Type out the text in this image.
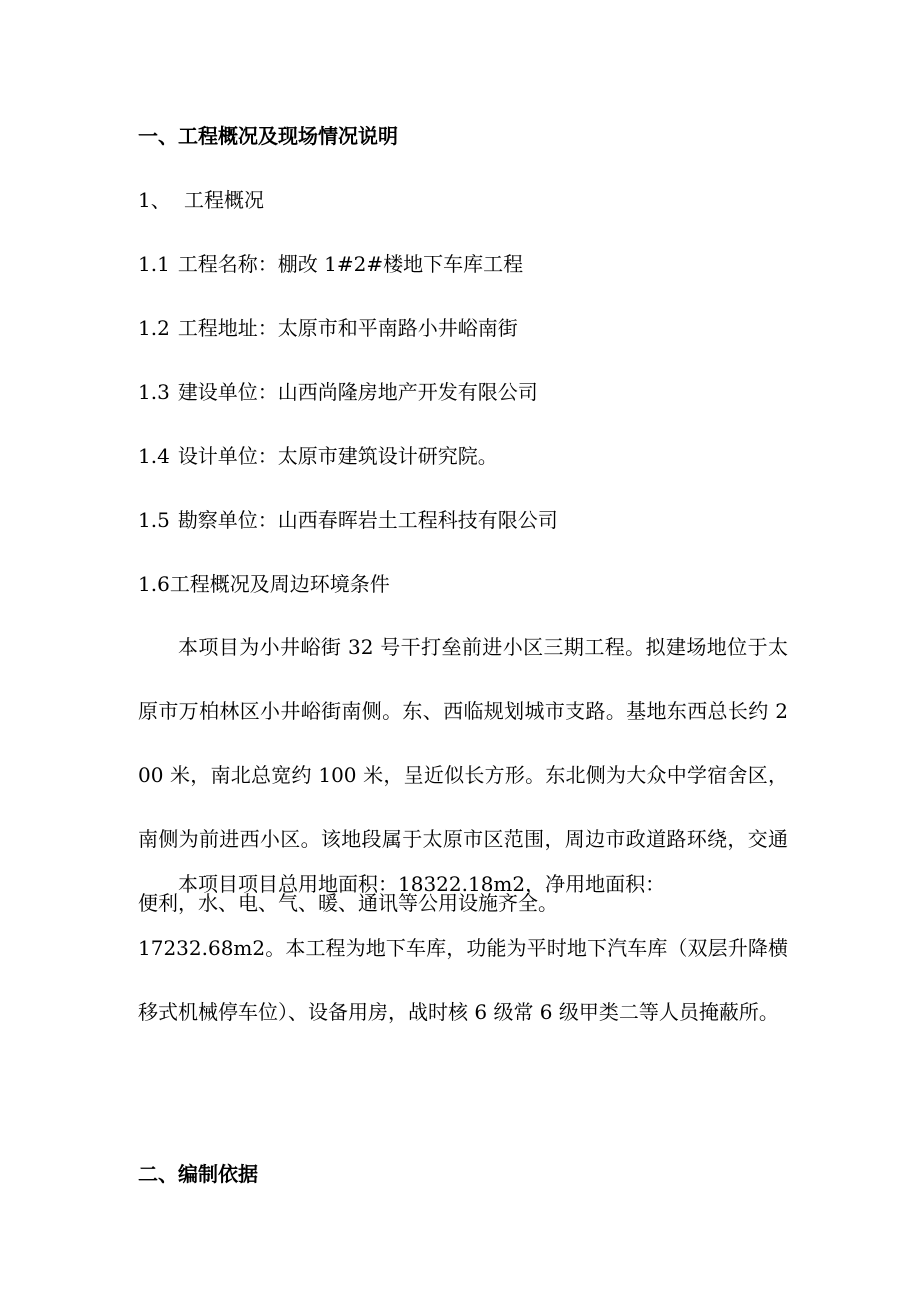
一、工程概况及现场情况说明

1、 工程概况

1.1 工程名称：棚改 1#2#楼地下车库工程

1.2 工程地址：太原市和平南路小井峪南街

1.3 建设单位：山西尚隆房地产开发有限公司

1.4 设计单位：太原市建筑设计研究院。

1.5 勘察单位：山西春晖岩土工程科技有限公司

1.6工程概况及周边环境条件

本项目为小井峪街 32 号干打垒前进小区三期工程。拟建场地位于太原市万柏林区小井峪街南侧。东、西临规划城市支路。基地东西总长约 200 米，南北总宽约 100 米，呈近似长方形。东北侧为大众中学宿舍区，南侧为前进西小区。该地段属于太原市区范围，周边市政道路环绕，交通便利，水、电、气、暖、通讯等公用设施齐全。

本项目项目总用地面积：18322.18m2，净用地面积：

17232.68m2。本工程为地下车库，功能为平时地下汽车库（双层升降横移式机械停车位）、设备用房，战时核 6 级常 6 级甲类二等人员掩蔽所。

二、编制依据
